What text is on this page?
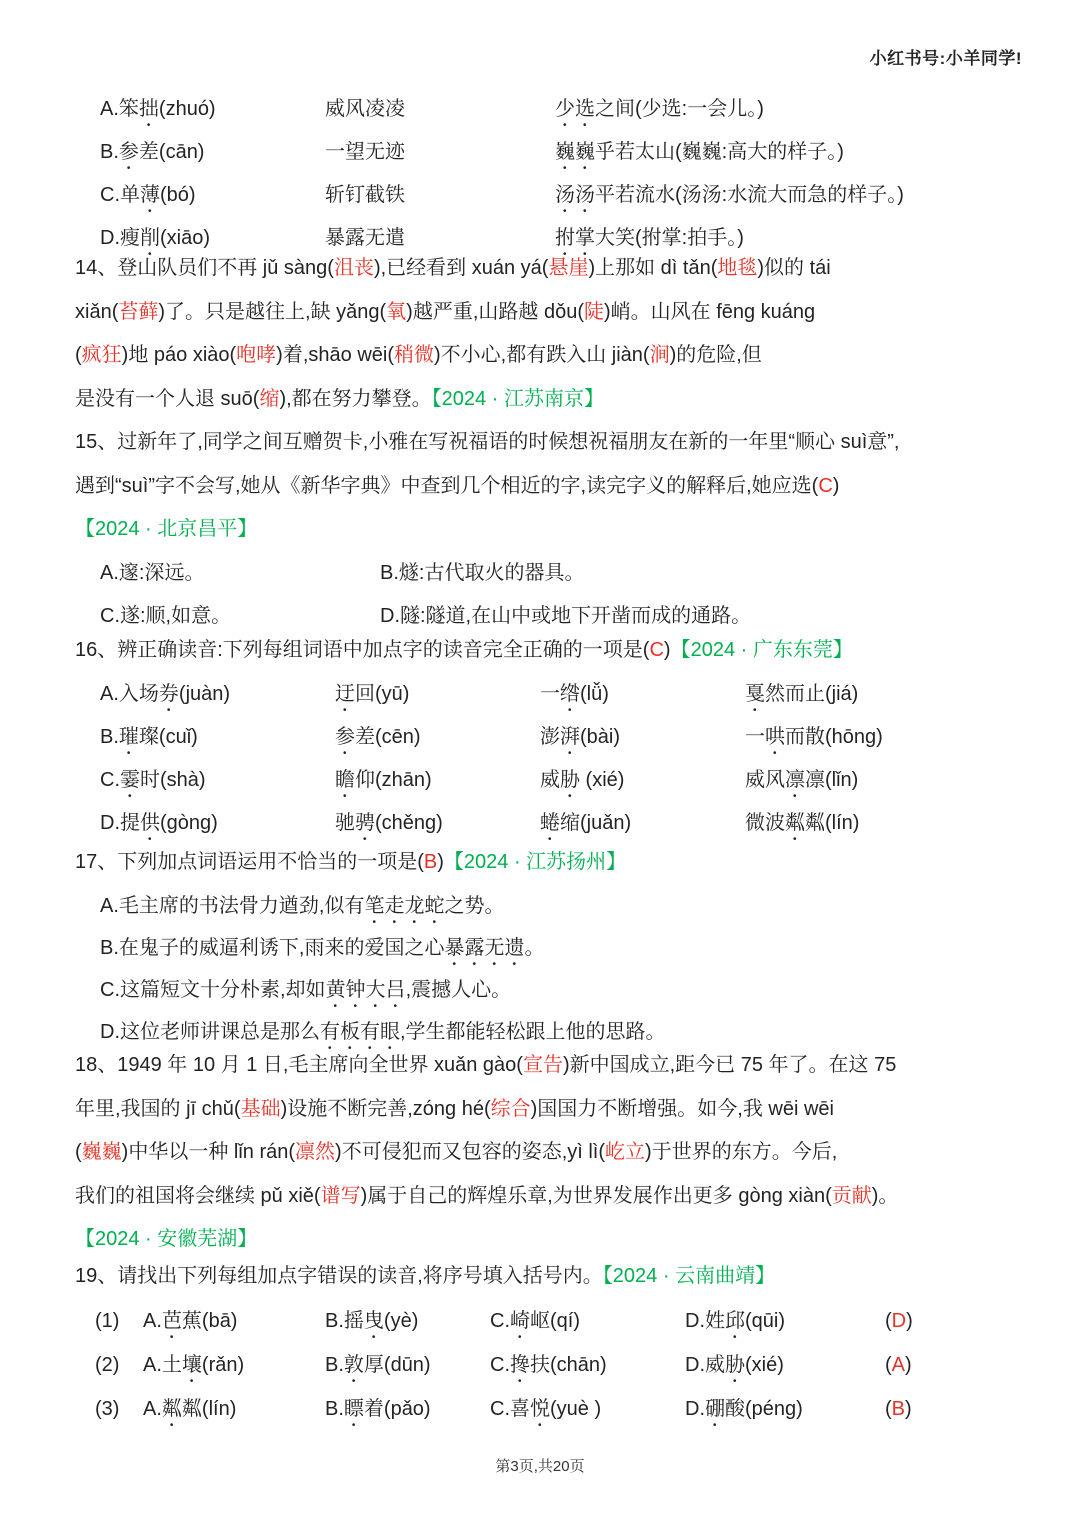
小红书号:小羊同学!
A.笨拙(zhuó)	威风凌凌	少选之间(少选:一会儿。)
B.参差(cān)	一望无迹	巍巍乎若太山(巍巍:高大的样子。)
C.单薄(bó)	斩钉截铁	汤汤平若流水(汤汤:水流大而急的样子。)
D.瘦削(xiāo)	暴露无遣	拊掌大笑(拊掌:拍手。)
14、登山队员们不再 jǔ sàng(沮丧),已经看到 xuán yá(悬崖)上那如 dì tǎn(地毯)似的 tái
xiǎn(苔藓)了。只是越往上,缺 yǎng(氧)越严重,山路越 dǒu(陡)峭。山风在 fēng kuáng
(疯狂)地 páo xiào(咆哮)着,shāo wēi(稍微)不小心,都有跌入山 jiàn(涧)的危险,但
是没有一个人退 suō(缩),都在努力攀登。【2024 · 江苏南京】
15、过新年了,同学之间互赠贺卡,小雅在写祝福语的时候想祝福朋友在新的一年里“顺心 suì意”,
遇到“suì”字不会写,她从《新华字典》中查到几个相近的字,读完字义的解释后,她应选(C)
【2024 · 北京昌平】
A.邃:深远。	B.燧:古代取火的器具。
C.遂:顺,如意。	D.隧:隧道,在山中或地下开凿而成的通路。
16、辨正确读音:下列每组词语中加点字的读音完全正确的一项是(C)【2024 · 广东东莞】
A.入场券(juàn)	迂回(yū)	一绺(lǚ)	戛然而止(jiá)
B.璀璨(cuǐ)	参差(cēn)	澎湃(bài)	一哄而散(hōng)
C.霎时(shà)	瞻仰(zhān)	威胁 (xié)	威风凛凛(lǐn)
D.提供(gòng)	驰骋(chěng)	蜷缩(juǎn)	微波粼粼(lín)
17、下列加点词语运用不恰当的一项是(B)【2024 · 江苏扬州】
A.毛主席的书法骨力遒劲,似有笔走龙蛇之势。
B.在鬼子的威逼利诱下,雨来的爱国之心暴露无遗。
C.这篇短文十分朴素,却如黄钟大吕,震撼人心。
D.这位老师讲课总是那么有板有眼,学生都能轻松跟上他的思路。
18、1949 年 10 月 1 日,毛主席向全世界 xuǎn gào(宣告)新中国成立,距今已 75 年了。在这 75
年里,我国的 jī chǔ(基础)设施不断完善,zóng hé(综合)国国力不断增强。如今,我 wēi wēi
(巍巍)中华以一种 lǐn rán(凛然)不可侵犯而又包容的姿态,yì lì(屹立)于世界的东方。今后,
我们的祖国将会继续 pǔ xiě(谱写)属于自己的辉煌乐章,为世界发展作出更多 gòng xiàn(贡献)。
【2024 · 安徽芜湖】
19、请找出下列每组加点字错误的读音,将序号填入括号内。【2024 · 云南曲靖】
(1)	A.芭蕉(bā)	B.摇曳(yè)	C.崎岖(qí)	D.姓邱(qūi)	(D)
(2)	A.土壤(rǎn)	B.敦厚(dūn)	C.搀扶(chān)	D.威胁(xié)	(A)
(3)	A.粼粼(lín)	B.瞟着(pǎo)	C.喜悦(yuè )	D.硼酸(péng)	(B)
第3页,共20页
